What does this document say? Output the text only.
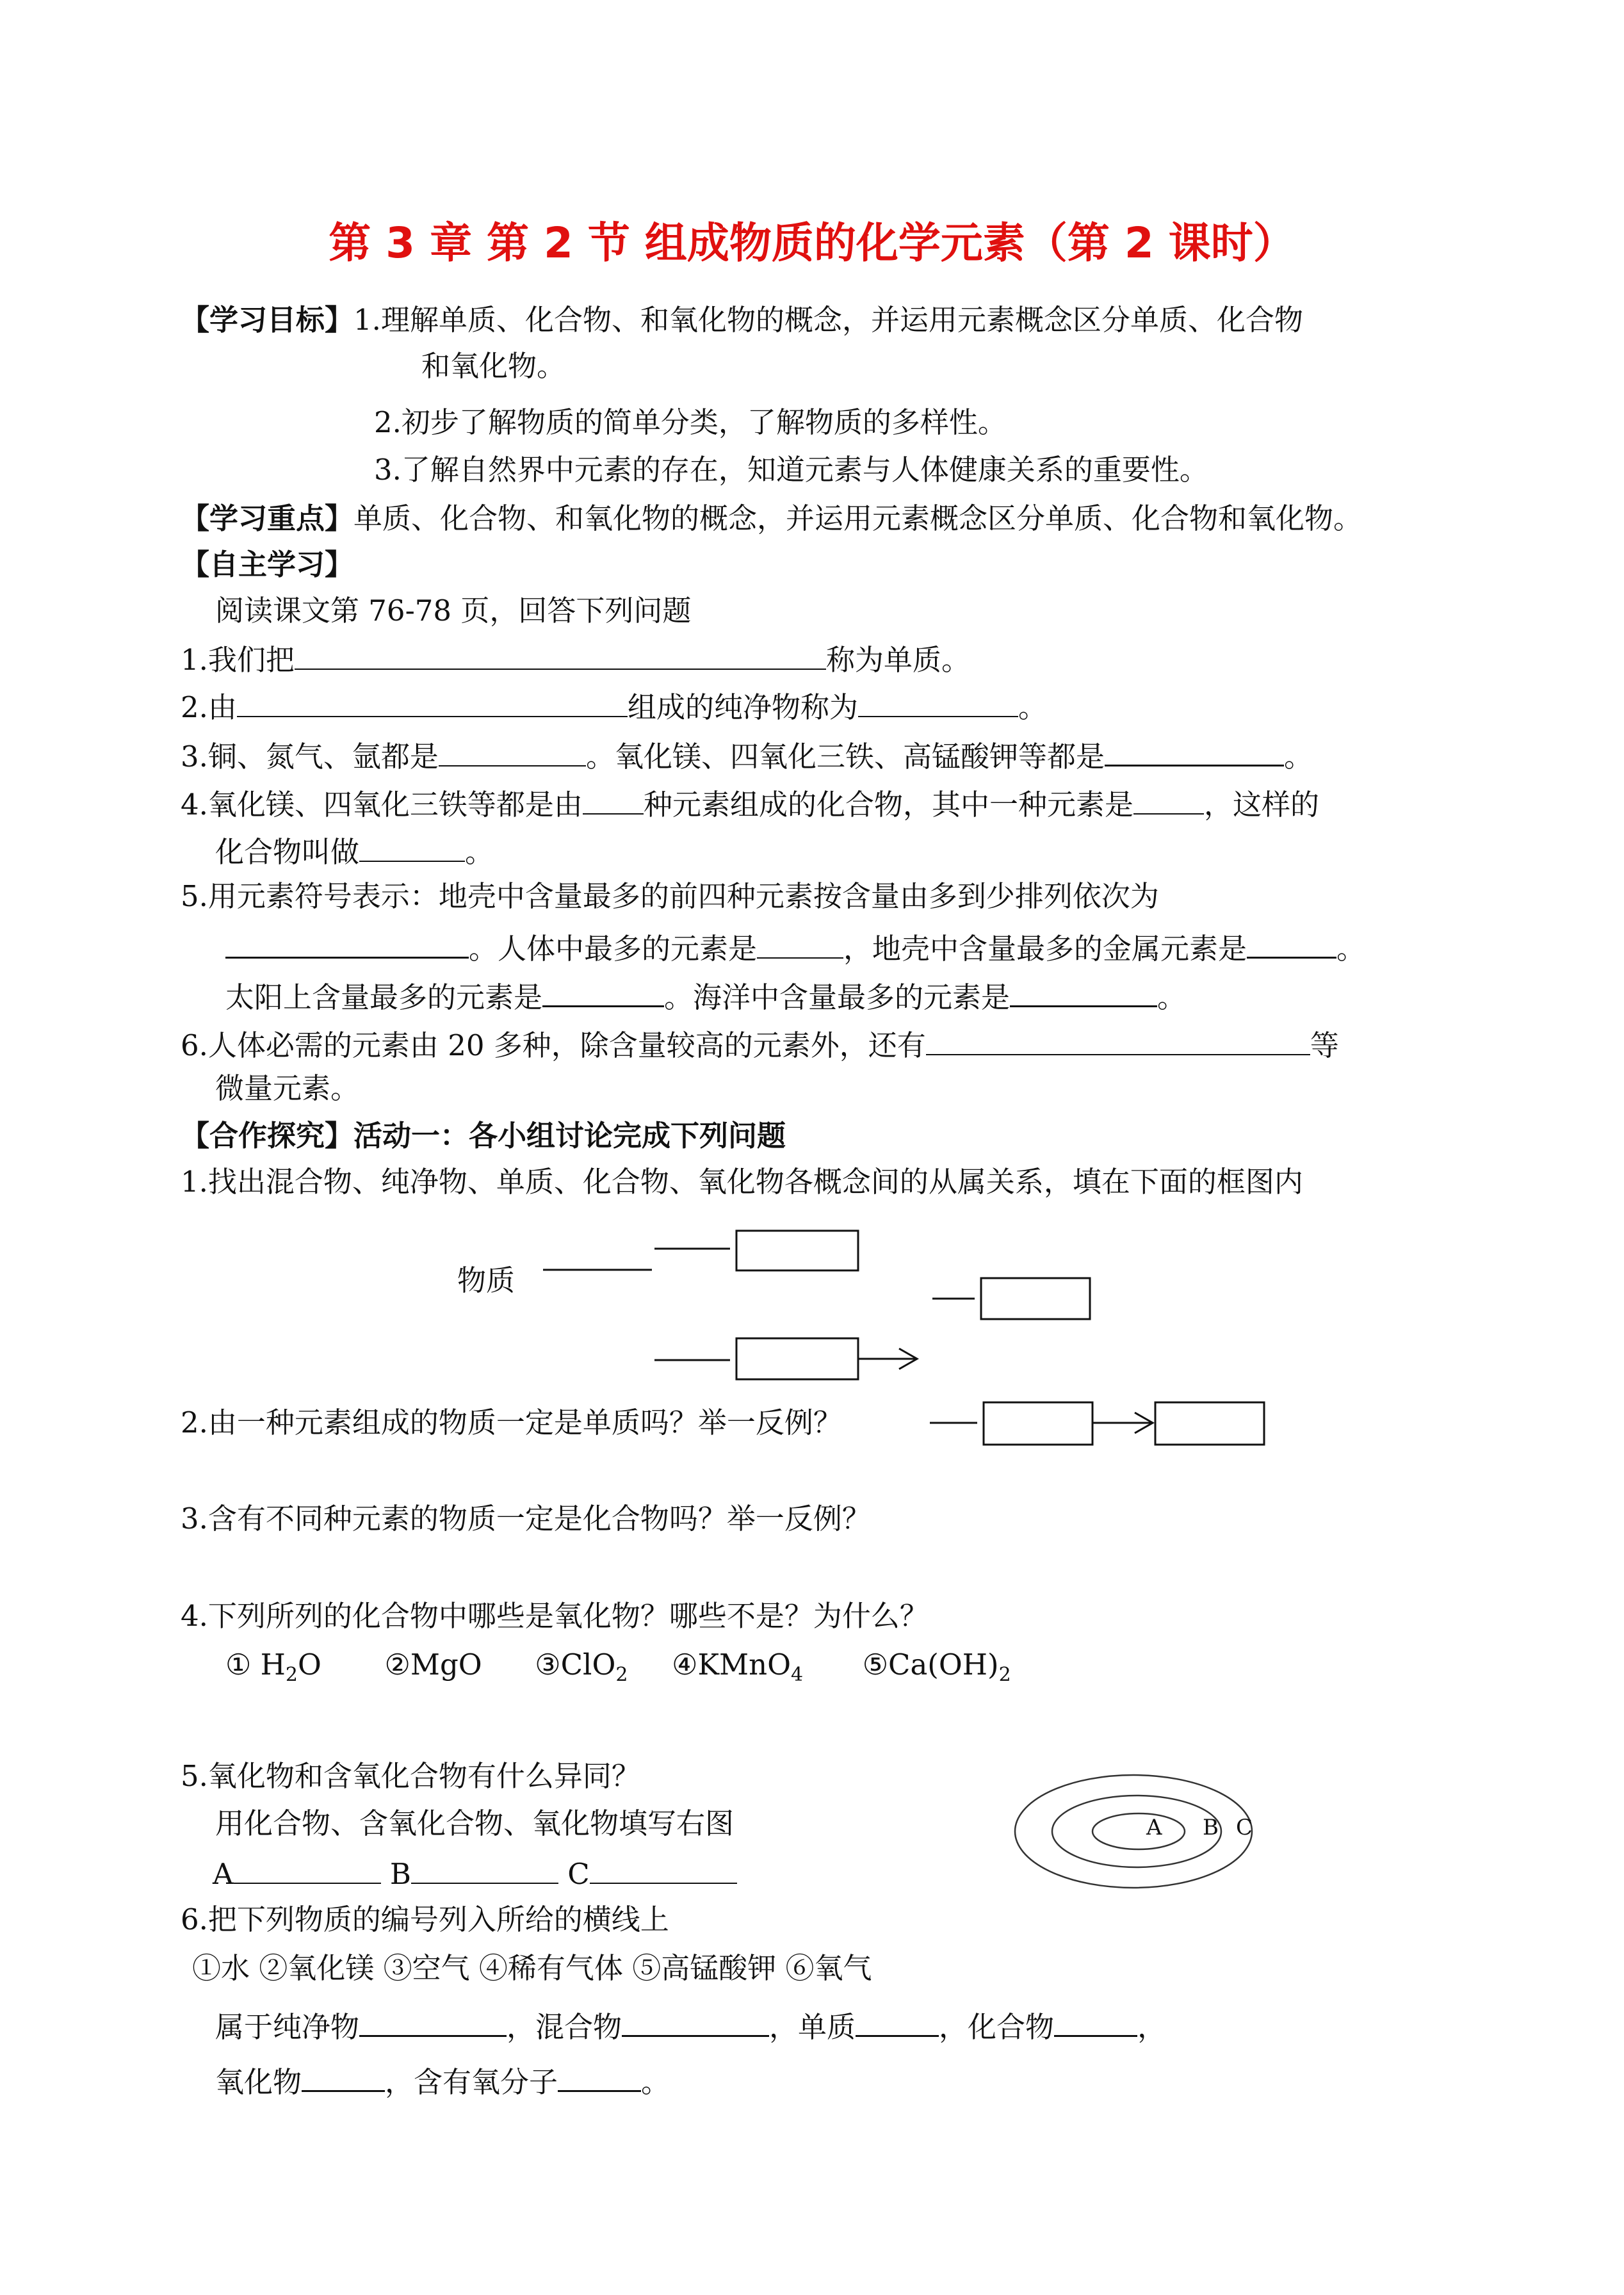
第 3 章 第 2 节 组成物质的化学元素（第 2 课时）
【学习目标】1.理解单质、化合物、和氧化物的概念，并运用元素概念区分单质、化合物
和氧化物。
2.初步了解物质的简单分类，了解物质的多样性。
3.了解自然界中元素的存在，知道元素与人体健康关系的重要性。
【学习重点】单质、化合物、和氧化物的概念，并运用元素概念区分单质、化合物和氧化物。
【自主学习】
阅读课文第 76-78 页，回答下列问题
1.我们把	称为单质。
2.由	组成的纯净物称为	。
3.铜、氮气、氩都是	。氧化镁、四氧化三铁、高锰酸钾等都是	。
4.氧化镁、四氧化三铁等都是由 种元素组成的化合物，其中一种元素是 ，这样的
化合物叫做	。
5.用元素符号表示：地壳中含量最多的前四种元素按含量由多到少排列依次为
。人体中最多的元素是	，地壳中含量最多的金属元素是	。
太阳上含量最多的元素是	。海洋中含量最多的元素是	。
6.人体必需的元素由 20 多种，除含量较高的元素外，还有	等
微量元素。
【合作探究】活动一：各小组讨论完成下列问题
1.找出混合物、纯净物、单质、化合物、氧化物各概念间的从属关系，填在下面的框图内
物质
2.由一种元素组成的物质一定是单质吗？举一反例？
3.含有不同种元素的物质一定是化合物吗？举一反例？
4.下列所列的化合物中哪些是氧化物？哪些不是？为什么？
① $H_2O$ ②MgO ③ClO$_2$ ④KMnO$_4$ $⑤Ca(OH)_2$
5.氧化物和含氧化合物有什么异同？
用化合物、含氧化合物、氧化物填写右图
A	B	C
A B C
6.把下列物质的编号列入所给的横线上
①水 ②氧化镁 ③空气 ④稀有气体 ⑤高锰酸钾 ⑥氧气
属于纯净物	，混合物	，单质	，化合物	，
氧化物	，含有氧分子	。
